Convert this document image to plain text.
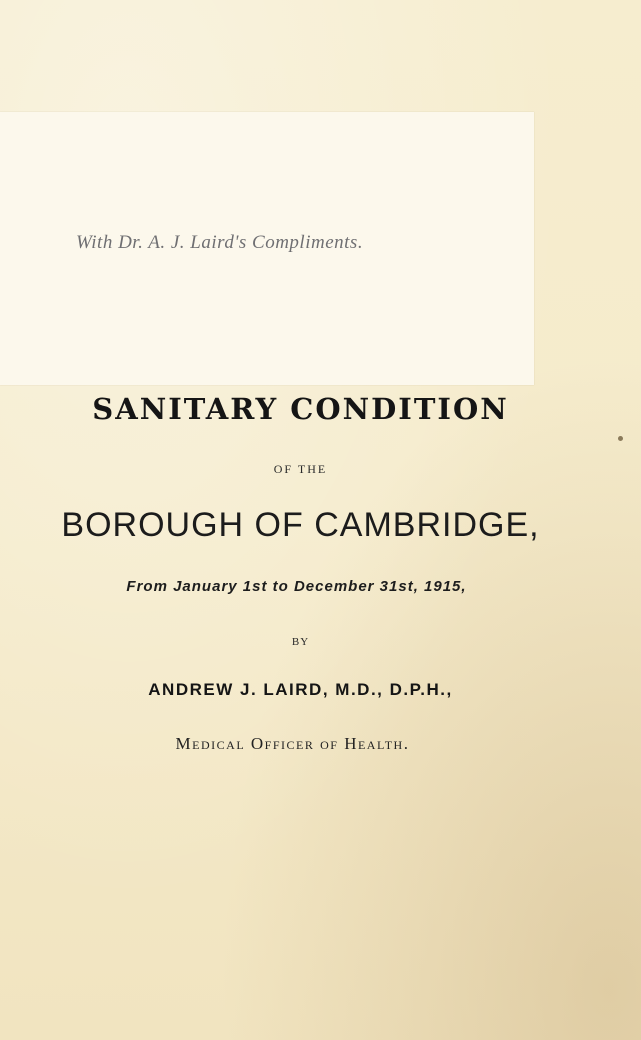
With Dr. A. J. Laird's Compliments.
SANITARY CONDITION
OF THE
BOROUGH OF CAMBRIDGE,
From January 1st to December 31st, 1915,
BY
ANDREW J. LAIRD, M.D., D.P.H.,
Medical Officer of Health.
